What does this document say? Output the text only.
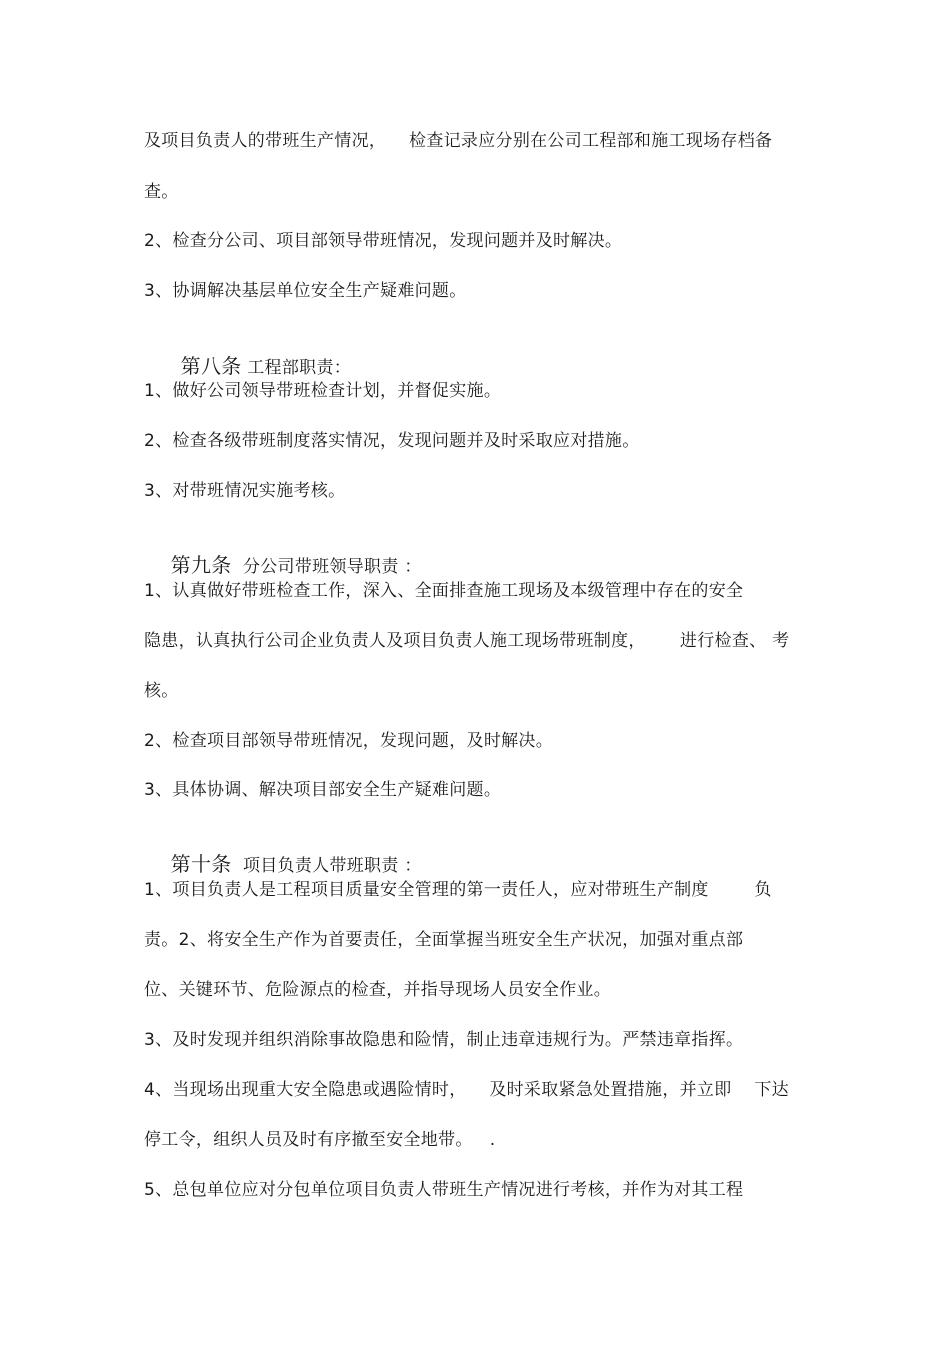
及项目负责人的带班生产情况，    检查记录应分别在公司工程部和施工现场存档备
查。
2、检查分公司、项目部领导带班情况，发现问题并及时解决。
3、协调解决基层单位安全生产疑难问题。

第八条 工程部职责：

1、做好公司领导带班检查计划，并督促实施。
2、检查各级带班制度落实情况，发现问题并及时采取应对措施。
3、对带班情况实施考核。

第九条  分公司带班领导职责 ：

1、认真做好带班检查工作，深入、全面排查施工现场及本级管理中存在的安全
隐患，认真执行公司企业负责人及项目负责人施工现场带班制度，      进行检查、 考
核。
2、检查项目部领导带班情况，发现问题，及时解决。
3、具体协调、解决项目部安全生产疑难问题。

第十条  项目负责人带班职责 ：

1、项目负责人是工程项目质量安全管理的第一责任人，应对带班生产制度        负
责。2、将安全生产作为首要责任，全面掌握当班安全生产状况，加强对重点部
位、关键环节、危险源点的检查，并指导现场人员安全作业。
3、及时发现并组织消除事故隐患和险情，制止违章违规行为。严禁违章指挥。
4、当现场出现重大安全隐患或遇险情时，    及时采取紧急处置措施，并立即    下达
停工令，组织人员及时有序撤至安全地带。   .
5、总包单位应对分包单位项目负责人带班生产情况进行考核，并作为对其工程
